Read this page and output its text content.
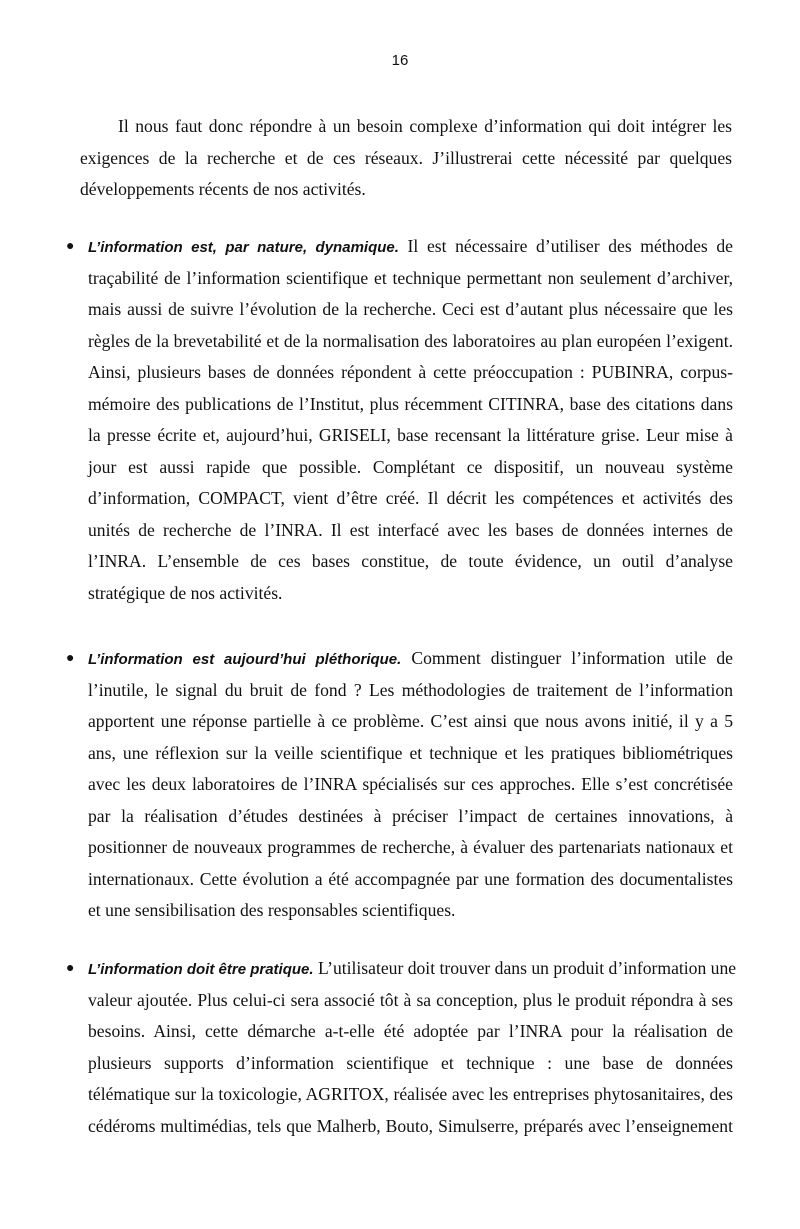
16
Il nous faut donc répondre à un besoin complexe d’information qui doit intégrer les
exigences de la recherche et de ces réseaux. J’illustrerai cette nécessité par quelques
développements récents de nos activités.
● L’information est, par nature, dynamique. Il est nécessaire d’utiliser des méthodes de
traçabilité de l’information scientifique et technique permettant non seulement d’archiver,
mais aussi de suivre l’évolution de la recherche. Ceci est d’autant plus nécessaire que les
règles de la brevetabilité et de la normalisation des laboratoires au plan européen l’exigent.
Ainsi, plusieurs bases de données répondent à cette préoccupation : PUBINRA, corpus-
mémoire des publications de l’Institut, plus récemment CITINRA, base des citations dans
la presse écrite et, aujourd’hui, GRISELI, base recensant la littérature grise. Leur mise à
jour est aussi rapide que possible. Complétant ce dispositif, un nouveau système
d’information, COMPACT, vient d’être créé. Il décrit les compétences et activités des
unités de recherche de l’INRA. Il est interfacé avec les bases de données internes de
l’INRA. L’ensemble de ces bases constitue, de toute évidence, un outil d’analyse
stratégique de nos activités.
● L’information est aujourd’hui pléthorique. Comment distinguer l’information utile de
l’inutile, le signal du bruit de fond ? Les méthodologies de traitement de l’information
apportent une réponse partielle à ce problème. C’est ainsi que nous avons initié, il y a 5
ans, une réflexion sur la veille scientifique et technique et les pratiques bibliométriques
avec les deux laboratoires de l’INRA spécialisés sur ces approches. Elle s’est concrétisée
par la réalisation d’études destinées à préciser l’impact de certaines innovations, à
positionner de nouveaux programmes de recherche, à évaluer des partenariats nationaux et
internationaux. Cette évolution a été accompagnée par une formation des documentalistes
et une sensibilisation des responsables scientifiques.
● L’information doit être pratique. L’utilisateur doit trouver dans un produit d’information une
valeur ajoutée. Plus celui-ci sera associé tôt à sa conception, plus le produit répondra à ses
besoins. Ainsi, cette démarche a-t-elle été adoptée par l’INRA pour la réalisation de
plusieurs supports d’information scientifique et technique : une base de données
télématique sur la toxicologie, AGRITOX, réalisée avec les entreprises phytosanitaires, des
cédéroms multimédias, tels que Malherb, Bouto, Simulserre, préparés avec l’enseignement
